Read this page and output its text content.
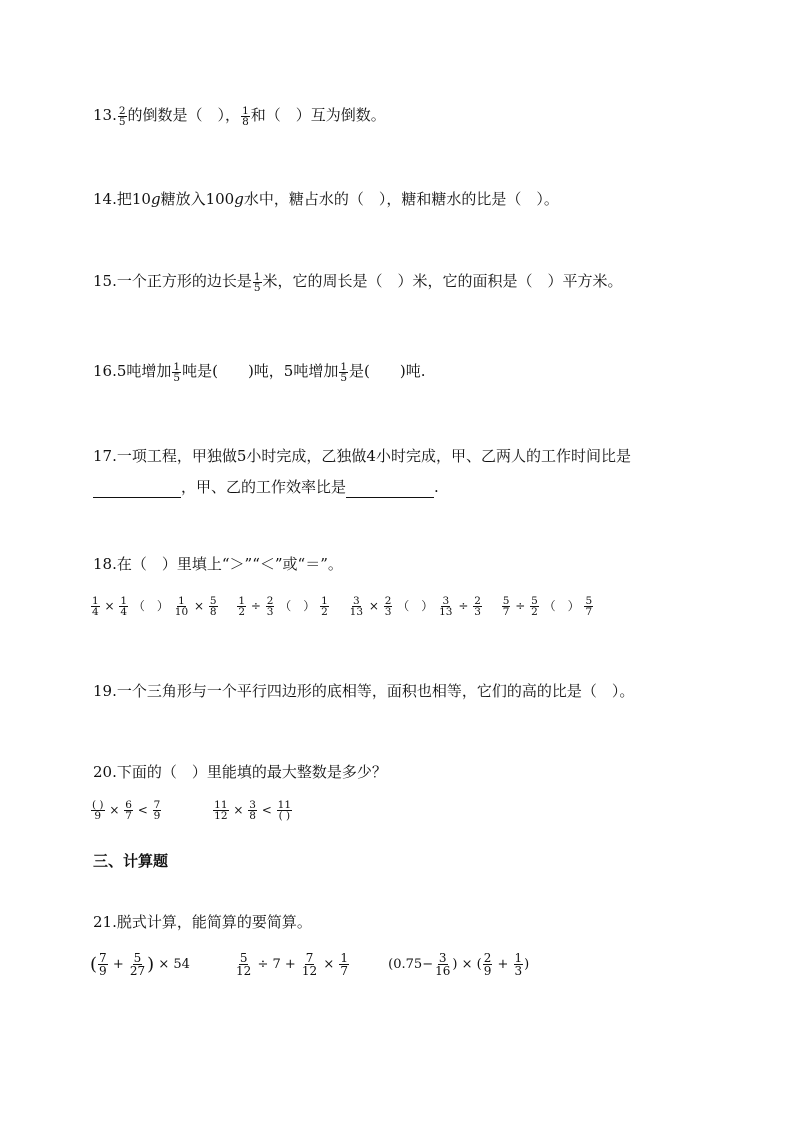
13. $\frac{2}{5}$ 的倒数是（　）， $\frac{1}{8}$ 和（　）互为倒数。
14.把10g糖放入100g水中，糖占水的（　），糖和糖水的比是（　）。
15.一个正方形的边长是 $\frac{1}{5}$ 米，它的周长是（　）米，它的面积是（　）平方米。
16.5吨增加 $\frac{1}{5}$ 吨是(　　)吨，5吨增加 $\frac{1}{5}$ 是(　　)吨.
17.一项工程，甲独做5小时完成，乙独做4小时完成，甲、乙两人的工作时间比是
，甲、乙的工作效率比是	.
18.在（　）里填上“＞”“＜”或“＝”。
$\frac{1}{4} \times \frac{1}{4}$ （　） $\frac{1}{10} \times \frac{5}{8}$
$\frac{1}{2} \div \frac{2}{3}$ （　） $\frac{1}{2}$
$\frac{3}{13} \times \frac{2}{3}$ （　） $\frac{3}{13} \div \frac{2}{3}$
$\frac{5}{7} \div \frac{5}{2}$ （　） $\frac{5}{7}$
19.一个三角形与一个平行四边形的底相等，面积也相等，它们的高的比是（　）。
20.下面的（　）里能填的最大整数是多少？
$\frac{( )}{9} \times \frac{6}{7} < \frac{7}{9}$
	$\frac{11}{12} \times \frac{3}{8} < \frac{11}{( )}$
三、计算题
21.脱式计算，能简算的要简算。
( $\frac{7}{9} + \frac{5}{27}$ ) × 54	$\frac{5}{12} \div 7 + \frac{7}{12} \times \frac{1}{7}$	($0.75- \frac{3}{16}$ ) × ( $\frac{2}{9} + \frac{1}{3}$ )
